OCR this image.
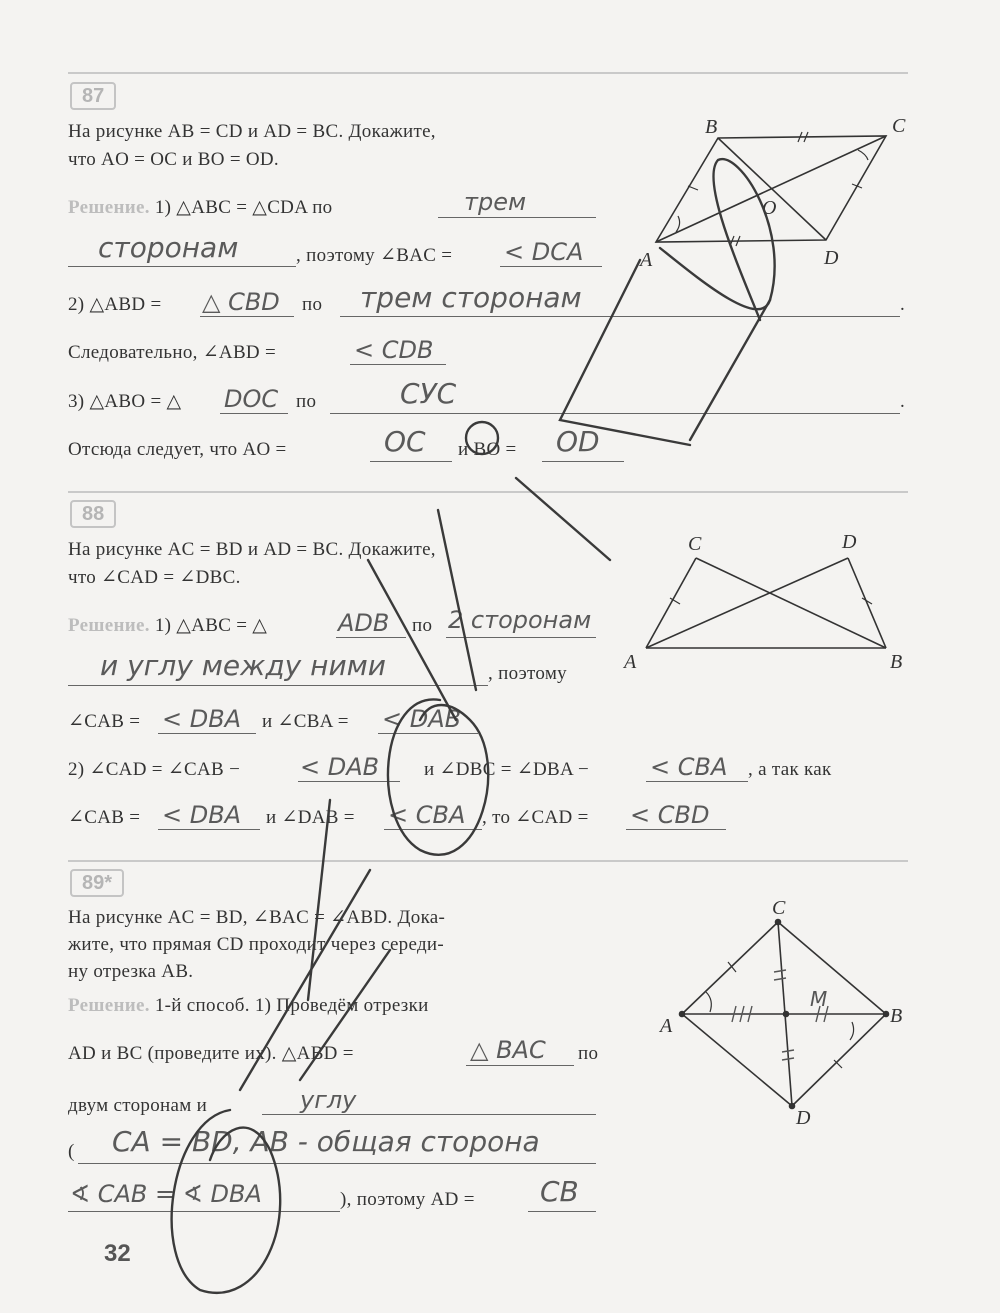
87
На рисунке AB = CD и AD = BC. Докажите,
что AO = OC и BO = OD.
Решение. 1) △ABC = △CDA по	трем
сторонам	, поэтому ∠BAC = < DCA
2) △ABD = △ CBD по трем сторонам	.
Следовательно, ∠ABD =	< CDB
3) △ABO = △ DOC по	СУС	.
Отсюда следует, что AO =	OC и BO = OD
88
На рисунке AC = BD и AD = BC. Докажите,
что ∠CAD = ∠DBC.
Решение. 1) △ABC = △	ADB по 2 сторонам
и углу между ними	, поэтому
∠CAB = < DBA и ∠CBA = < DAB
2) ∠CAD = ∠CAB − < DAB и ∠DBC = ∠DBA −	< CBA , а так как
∠CAB = < DBA и ∠DAB = < CBA , то ∠CAD = < CBD
89*
На рисунке AC = BD, ∠BAC = ∠ABD. Дока-
жите, что прямая CD проходит через середи-
ну отрезка AB.
Решение. 1-й способ. 1) Проведём отрезки
AD и BC (проведите их). △ABD =	△ BAC по
двум сторонам и	углу
( CA = BD, AB - общая сторона
∢ CAB = ∢ DBA	), поэтому AD = CB
32
B	C
O
A	D
C	D
A	B
C
A	B
D
M
